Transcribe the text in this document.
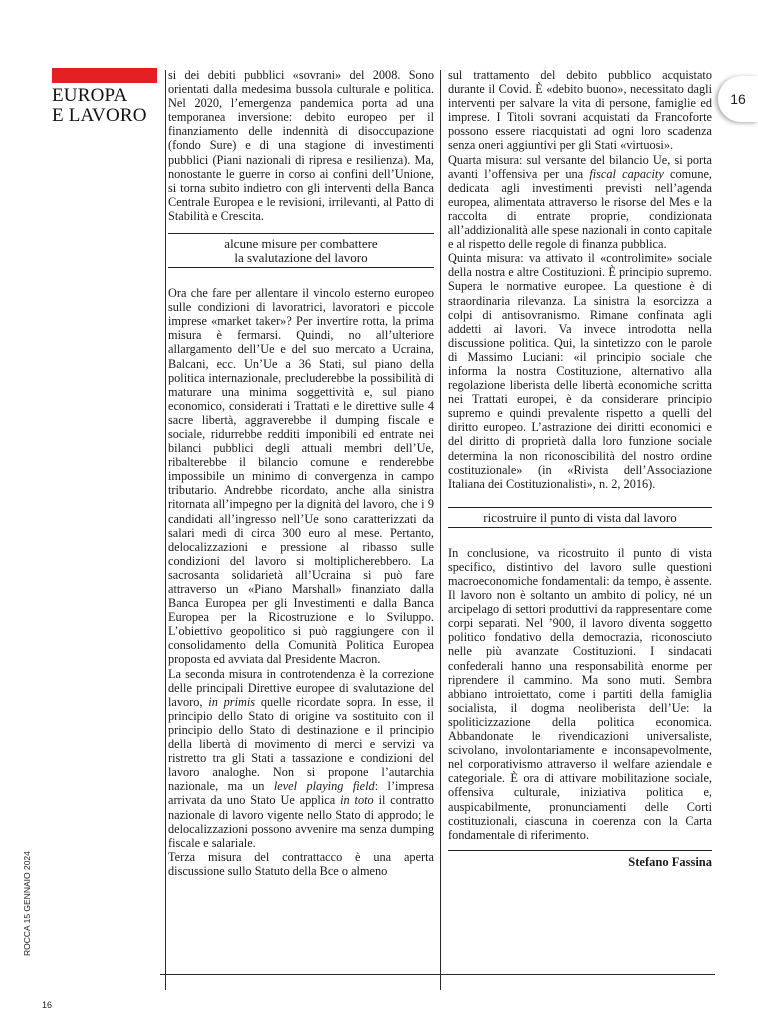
EUROPA
E LAVORO

si dei debiti pubblici «sovrani» del 2008. Sono orientati dalla medesima bussola culturale e politica. Nel 2020, l’emergenza pandemica porta ad una temporanea inversione: debito europeo per il finanziamento delle indennità di disoccupazione (fondo Sure) e di una stagione di investimenti pubblici (Piani nazionali di ripresa e resilienza). Ma, nonostante le guerre in corso ai confini dell’Unione, si torna subito indietro con gli interventi della Banca Centrale Europea e le revisioni, irrilevanti, al Patto di Stabilità e Crescita.

alcune misure per combattere
la svalutazione del lavoro

Ora che fare per allentare il vincolo esterno europeo sulle condizioni di lavoratrici, lavoratori e piccole imprese «market taker»? Per invertire rotta, la prima misura è fermarsi. Quindi, no all’ulteriore allargamento dell’Ue e del suo mercato a Ucraina, Balcani, ecc. Un’Ue a 36 Stati, sul piano della politica internazionale, precluderebbe la possibilità di maturare una minima soggettività e, sul piano economico, considerati i Trattati e le direttive sulle 4 sacre libertà, aggraverebbe il dumping fiscale e sociale, ridurrebbe redditi imponibili ed entrate nei bilanci pubblici degli attuali membri dell’Ue, ribalterebbe il bilancio comune e renderebbe impossibile un minimo di convergenza in campo tributario. Andrebbe ricordato, anche alla sinistra ritornata all’impegno per la dignità del lavoro, che i 9 candidati all’ingresso nell’Ue sono caratterizzati da salari medi di circa 300 euro al mese. Pertanto, delocalizzazioni e pressione al ribasso sulle condizioni del lavoro si moltiplicherebbero. La sacrosanta solidarietà all’Ucraina si può fare attraverso un «Piano Marshall» finanziato dalla Banca Europea per gli Investimenti e dalla Banca Europea per la Ricostruzione e lo Sviluppo. L’obiettivo geopolitico si può raggiungere con il consolidamento della Comunità Politica Europea proposta ed avviata dal Presidente Macron.

La seconda misura in controtendenza è la correzione delle principali Direttive europee di svalutazione del lavoro, in primis quelle ricordate sopra. In esse, il principio dello Stato di origine va sostituito con il principio dello Stato di destinazione e il principio della libertà di movimento di merci e servizi va ristretto tra gli Stati a tassazione e condizioni del lavoro analoghe. Non si propone l’autarchia nazionale, ma un level playing field: l’impresa arrivata da uno Stato Ue applica in toto il contratto nazionale di lavoro vigente nello Stato di approdo; le delocalizzazioni possono avvenire ma senza dumping fiscale e salariale.

Terza misura del contrattacco è una aperta discussione sullo Statuto della Bce o almeno

sul trattamento del debito pubblico acquistato durante il Covid. È «debito buono», necessitato dagli interventi per salvare la vita di persone, famiglie ed imprese. I Titoli sovrani acquistati da Francoforte possono essere riacquistati ad ogni loro scadenza senza oneri aggiuntivi per gli Stati «virtuosi».

Quarta misura: sul versante del bilancio Ue, si porta avanti l’offensiva per una fiscal capacity comune, dedicata agli investimenti previsti nell’agenda europea, alimentata attraverso le risorse del Mes e la raccolta di entrate proprie, condizionata all’addizionalità alle spese nazionali in conto capitale e al rispetto delle regole di finanza pubblica.

Quinta misura: va attivato il «controlimite» sociale della nostra e altre Costituzioni. È principio supremo. Supera le normative europee. La questione è di straordinaria rilevanza. La sinistra la esorcizza a colpi di antisovranismo. Rimane confinata agli addetti ai lavori. Va invece introdotta nella discussione politica. Qui, la sintetizzo con le parole di Massimo Luciani: «il principio sociale che informa la nostra Costituzione, alternativo alla regolazione liberista delle libertà economiche scritta nei Trattati europei, è da considerare principio supremo e quindi prevalente rispetto a quelli del diritto europeo. L’astrazione dei diritti economici e del diritto di proprietà dalla loro funzione sociale determina la non riconoscibilità del nostro ordine costituzionale» (in «Rivista dell’Associazione Italiana dei Costituzionalisti», n. 2, 2016).

ricostruire il punto di vista dal lavoro

In conclusione, va ricostruito il punto di vista specifico, distintivo del lavoro sulle questioni macroeconomiche fondamentali: da tempo, è assente. Il lavoro non è soltanto un ambito di policy, né un arcipelago di settori produttivi da rappresentare come corpi separati. Nel ’900, il lavoro diventa soggetto politico fondativo della democrazia, riconosciuto nelle più avanzate Costituzioni. I sindacati confederali hanno una responsabilità enorme per riprendere il cammino. Ma sono muti. Sembra abbiano introiettato, come i partiti della famiglia socialista, il dogma neoliberista dell’Ue: la spoliticizzazione della politica economica. Abbandonate le rivendicazioni universaliste, scivolano, involontariamente e inconsapevolmente, nel corporativismo attraverso il welfare aziendale e categoriale. È ora di attivare mobilitazione sociale, offensiva culturale, iniziativa politica e, auspicabilmente, pronunciamenti delle Corti costituzionali, ciascuna in coerenza con la Carta fondamentale di riferimento.

Stefano Fassina
16
ROCCA 15 GENNAIO 2024
16
